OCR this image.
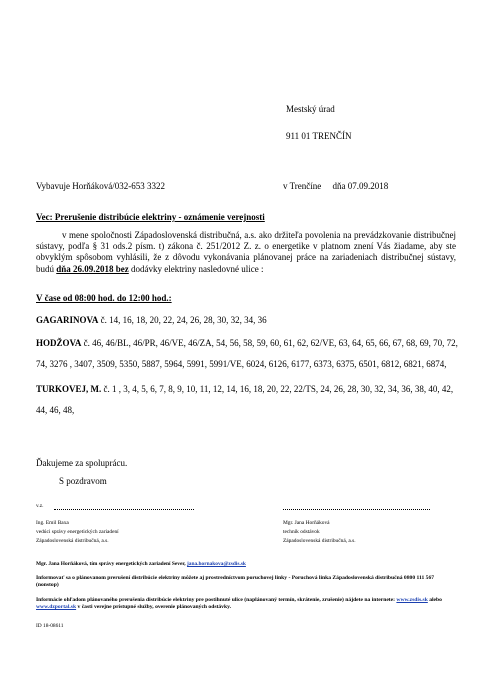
Mestský úrad
911 01 TRENČÍN
Vybavuje Horňáková/032-653 3322	v Trenčíne     dňa 07.09.2018
Vec: Prerušenie distribúcie elektriny - oznámenie verejnosti
v mene spoločnosti Západoslovenská distribučná, a.s. ako držiteľa povolenia na prevádzkovanie distribučnej sústavy, podľa § 31 ods.2 písm. t) zákona č. 251/2012 Z. z. o energetike v platnom znení Vás žiadame, aby ste obvyklým spôsobom vyhlásili, že z dôvodu vykonávania plánovanej práce na zariadeniach distribučnej sústavy, budú dňa 26.09.2018 bez dodávky elektriny nasledovné ulice :
V čase od 08:00 hod. do 12:00 hod.:
GAGARINOVA č. 14, 16, 18, 20, 22, 24, 26, 28, 30, 32, 34, 36
HODŽOVA č. 46, 46/BL, 46/PR, 46/VE, 46/ZA, 54, 56, 58, 59, 60, 61, 62, 62/VE, 63, 64, 65, 66, 67, 68, 69, 70, 72, 74, 3276 , 3407, 3509, 5350, 5887, 5964, 5991, 5991/VE, 6024, 6126, 6177, 6373, 6375, 6501, 6812, 6821, 6874,
TURKOVEJ, M. č. 1 , 3, 4, 5, 6, 7, 8, 9, 10, 11, 12, 14, 16, 18, 20, 22, 22/TS, 24, 26, 28, 30, 32, 34, 36, 38, 40, 42, 44, 46, 48,
Ďakujeme za spoluprácu.
S pozdravom
v.z.
Ing. Emil Baxa
vedúci správy energetických zariadení
Západoslovenská distribučná, a.s.
Mgr. Jana Horňáková
technik odstávok
Západoslovenská distribučná, a.s.
Mgr. Jana Horňáková, tím správy energetických zariadení Sever, jana.hornakova@zsdis.sk
Informovať sa o plánovanom prerušení distribúcie elektriny môžete aj prostredníctvom poruchovej linky - Poruchová linka Západoslovenská distribučná 0800 111 567 (nonstop)
Informácie ohľadom plánovaného prerušenia distribúcie elektriny pre postihnuté ulice (naplánovaný termín, skrátenie, zrušenie) nájdete na internete: www.zsdis.sk alebo www.dzportal.sk v časti verejne prístupné služby, overenie plánovaných odstávky.
ID 18-08611
